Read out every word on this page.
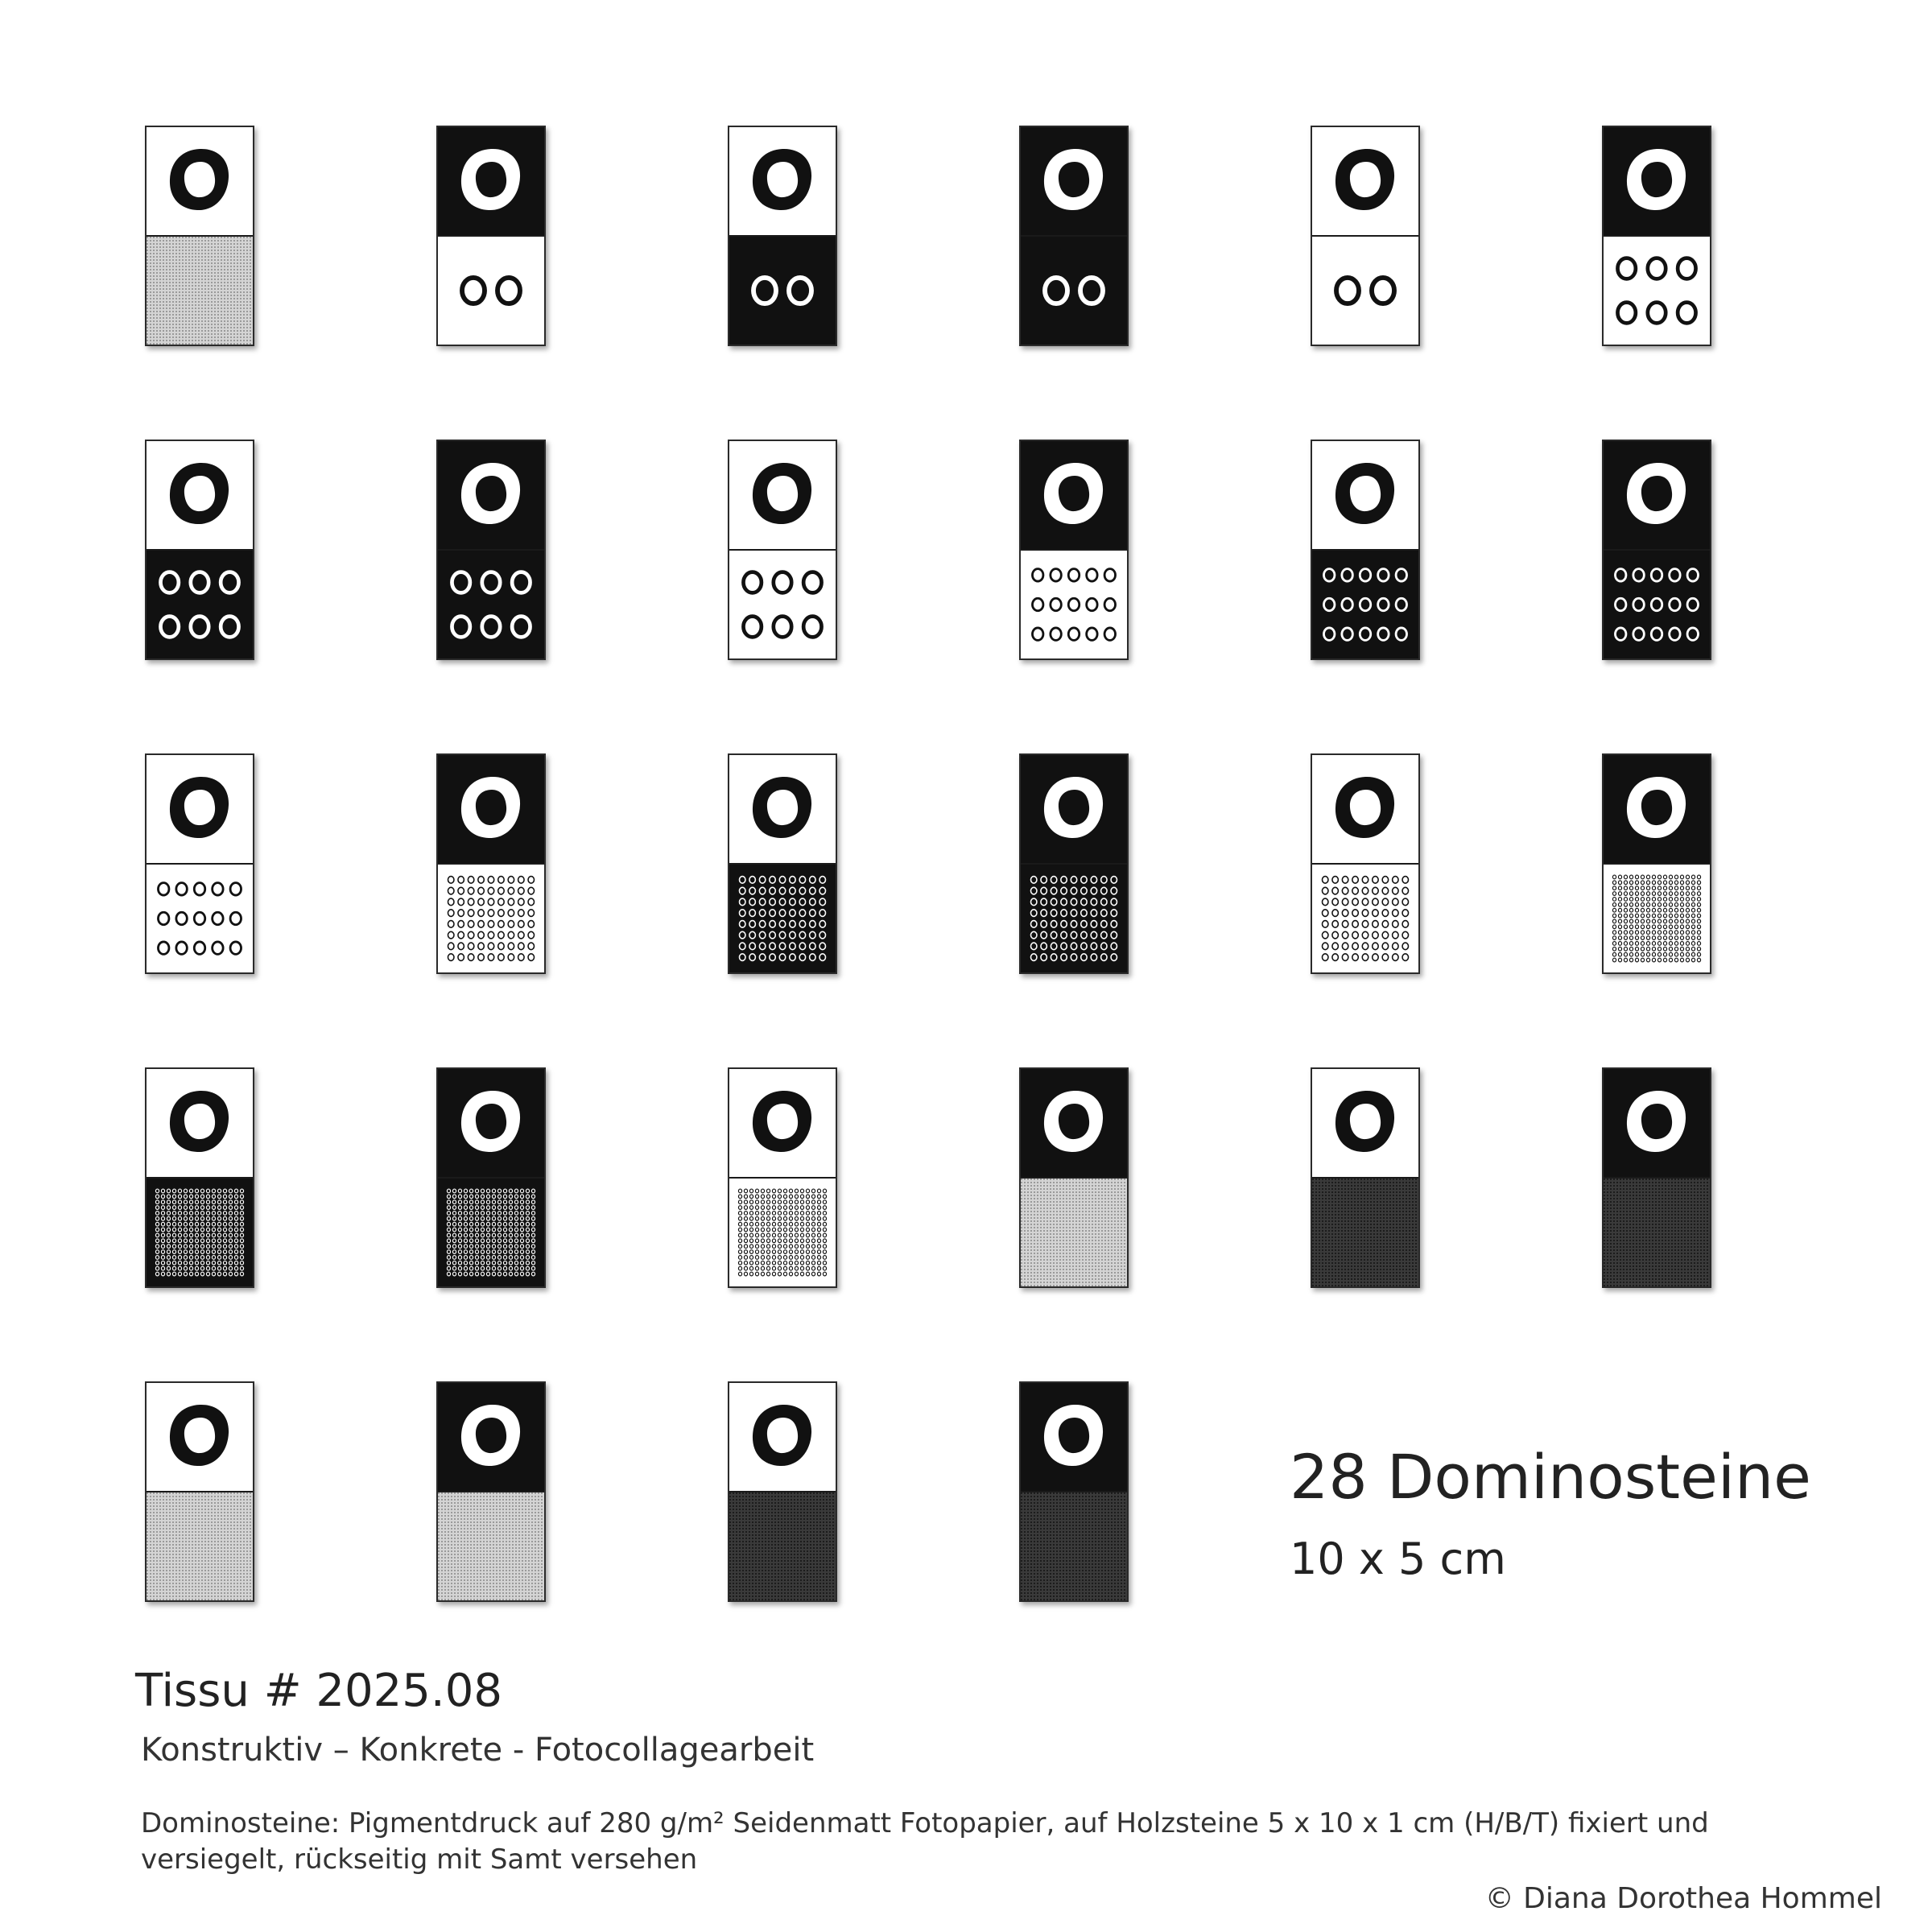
28 Dominosteine
10 x 5 cm
Tissu # 2025.08
Konstruktiv – Konkrete - Fotocollagearbeit
Dominosteine: Pigmentdruck auf 280 g/m² Seidenmatt Fotopapier, auf Holzsteine 5 x 10 x 1 cm (H/B/T) fixiert und
versiegelt, rückseitig mit Samt versehen
© Diana Dorothea Hommel
